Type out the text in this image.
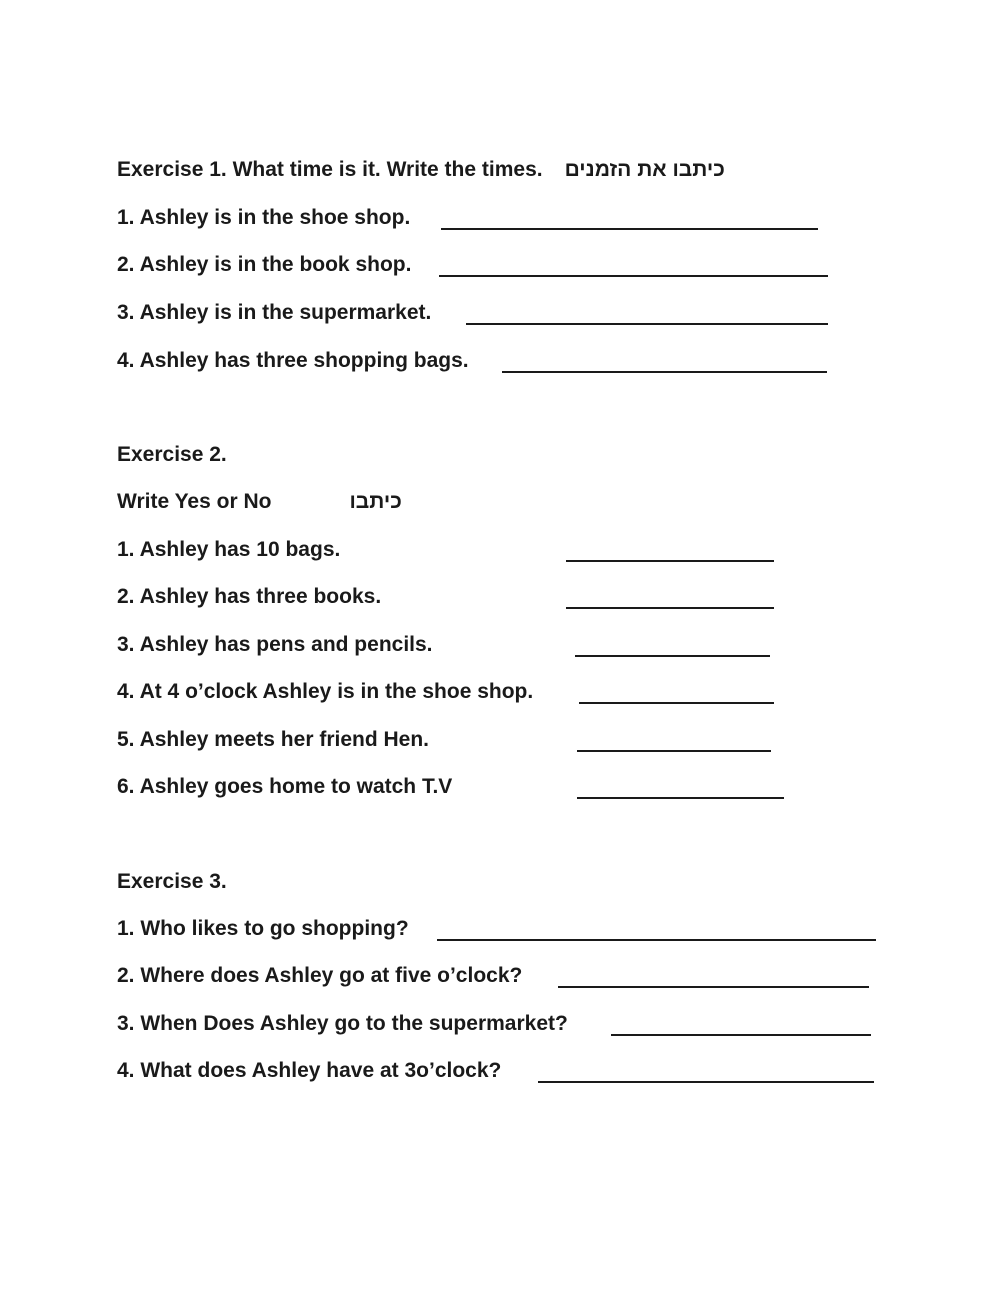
Exercise 1. What time is it. Write the times. כיתבו את הזמנים
1. Ashley is in the shoe shop.
2. Ashley is in the book shop.
3. Ashley is in the supermarket.
4. Ashley has three shopping bags.
Exercise 2.
Write Yes or No	כיתבו
1. Ashley has 10 bags.
2. Ashley has three books.
3. Ashley has pens and pencils.
4. At 4 o’clock Ashley is in the shoe shop.
5. Ashley meets her friend Hen.
6. Ashley goes home to watch T.V
Exercise 3.
1. Who likes to go shopping?
2. Where does Ashley go at five o’clock?
3. When Does Ashley go to the supermarket?
4. What does Ashley have at 3o’clock?
